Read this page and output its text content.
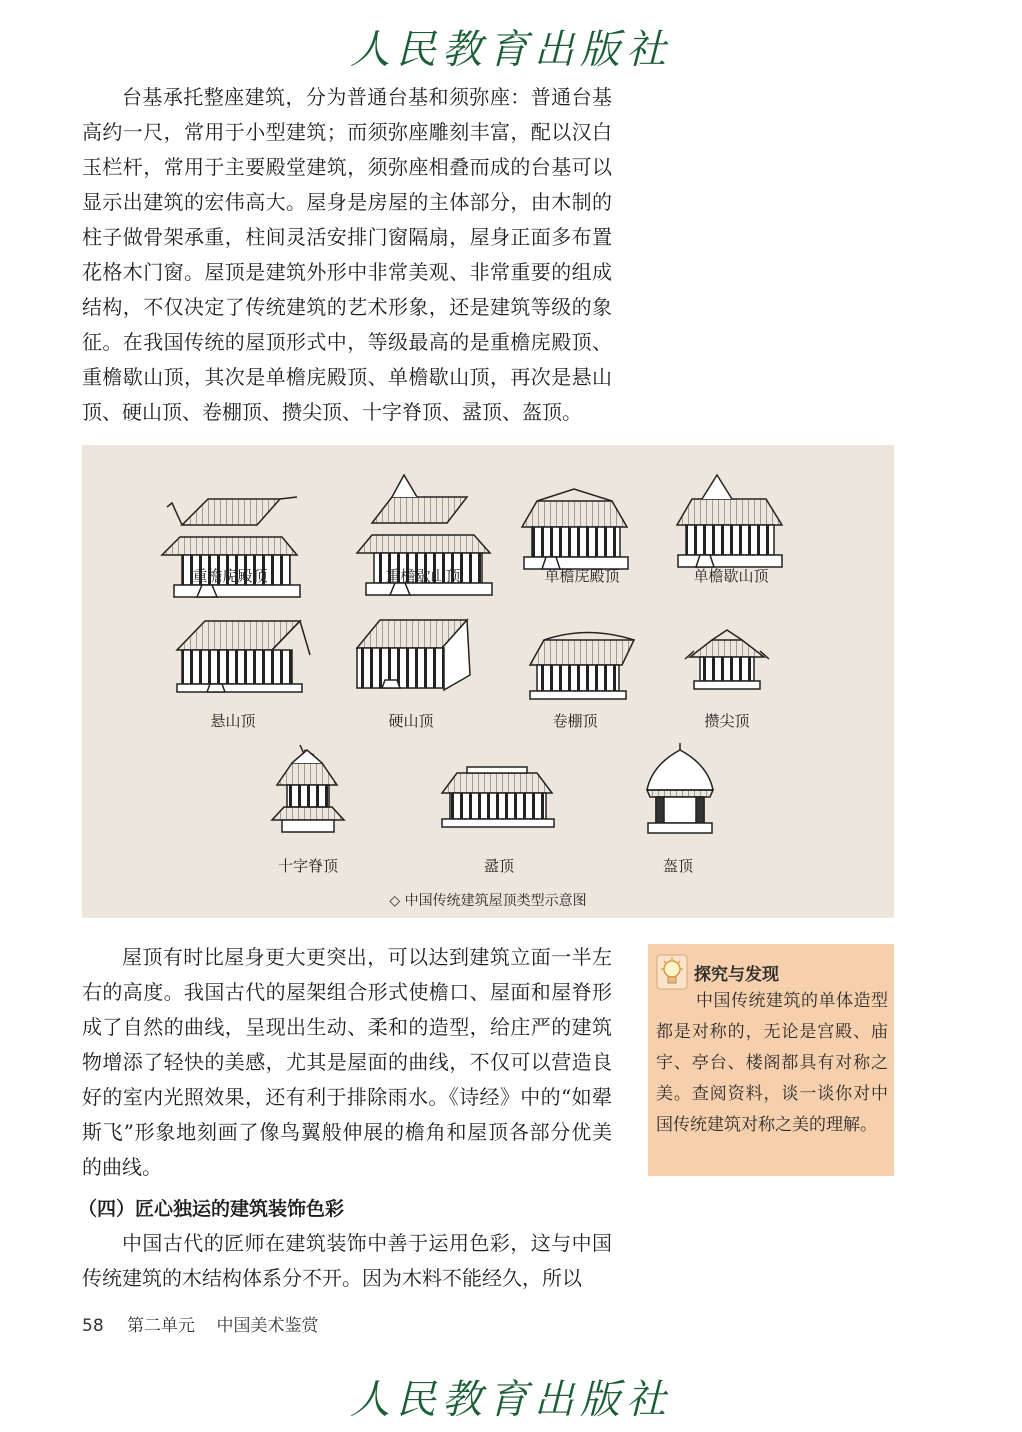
人民教育出版社

台基承托整座建筑，分为普通台基和须弥座：普通台基高约一尺，常用于小型建筑；而须弥座雕刻丰富，配以汉白玉栏杆，常用于主要殿堂建筑，须弥座相叠而成的台基可以显示出建筑的宏伟高大。屋身是房屋的主体部分，由木制的柱子做骨架承重，柱间灵活安排门窗隔扇，屋身正面多布置花格木门窗。屋顶是建筑外形中非常美观、非常重要的组成结构，不仅决定了传统建筑的艺术形象，还是建筑等级的象征。在我国传统的屋顶形式中，等级最高的是重檐庑殿顶、重檐歇山顶，其次是单檐庑殿顶、单檐歇山顶，再次是悬山顶、硬山顶、卷棚顶、攒尖顶、十字脊顶、盝顶、盔顶。

重檐庑殿顶	重檐歇山顶	单檐庑殿顶	单檐歇山顶
悬山顶	硬山顶	卷棚顶	攒尖顶
十字脊顶	盝顶	盔顶
◇ 中国传统建筑屋顶类型示意图

屋顶有时比屋身更大更突出，可以达到建筑立面一半左右的高度。我国古代的屋架组合形式使檐口、屋面和屋脊形成了自然的曲线，呈现出生动、柔和的造型，给庄严的建筑物增添了轻快的美感，尤其是屋面的曲线，不仅可以营造良好的室内光照效果，还有利于排除雨水。《诗经》中的“如翚斯飞”形象地刻画了像鸟翼般伸展的檐角和屋顶各部分优美的曲线。

探究与发现

中国传统建筑的单体造型都是对称的，无论是宫殿、庙宇、亭台、楼阁都具有对称之美。查阅资料，谈一谈你对中国传统建筑对称之美的理解。

（四）匠心独运的建筑装饰色彩

中国古代的匠师在建筑装饰中善于运用色彩，这与中国传统建筑的木结构体系分不开。因为木料不能经久，所以

58 第二单元 中国美术鉴赏
人民教育出版社
